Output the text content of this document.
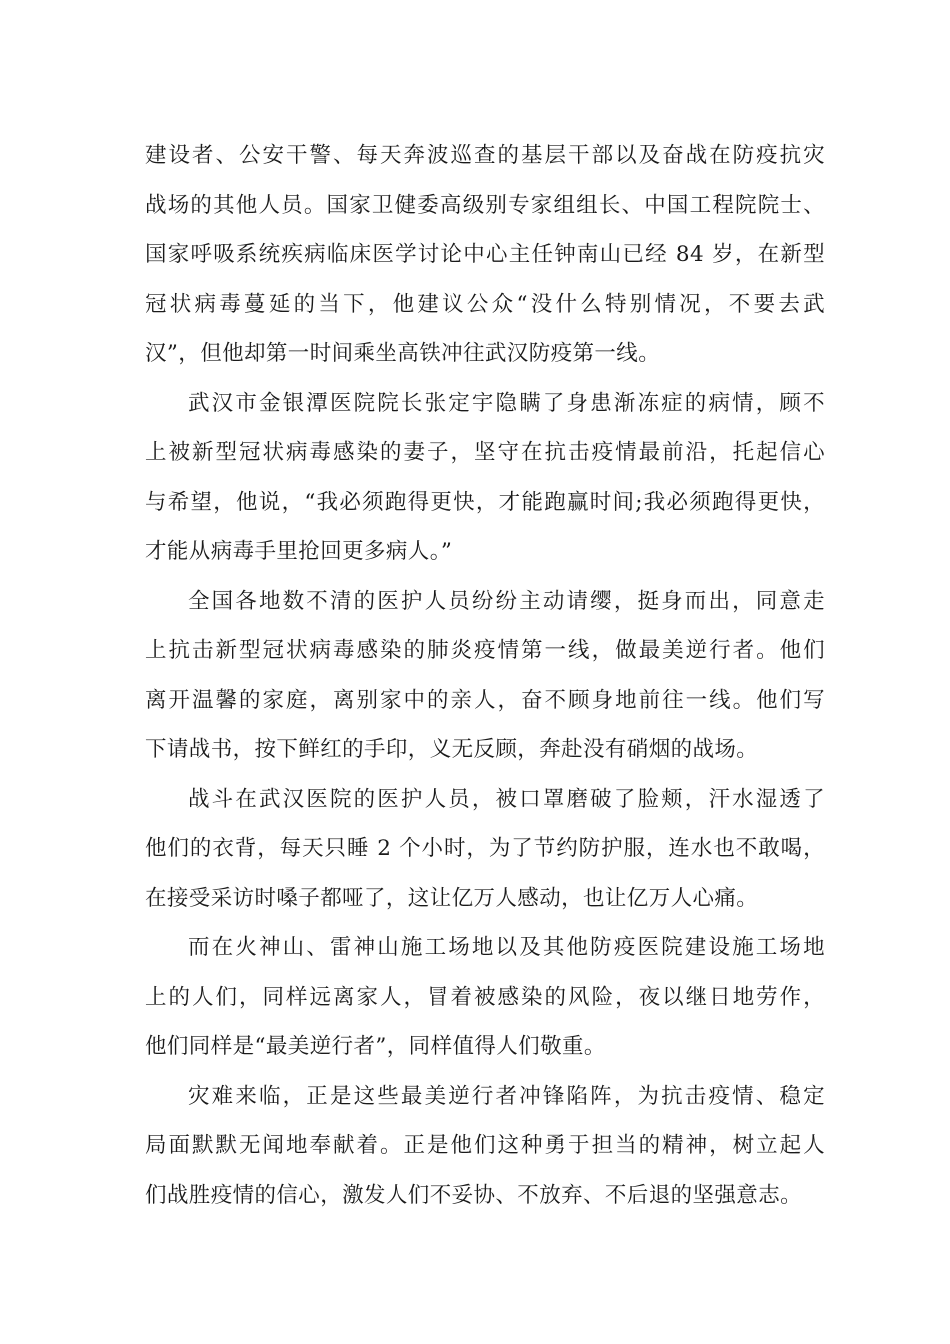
建设者、公安干警、每天奔波巡查的基层干部以及奋战在防疫抗灾
战场的其他人员。国家卫健委高级别专家组组长、中国工程院院士、
国家呼吸系统疾病临床医学讨论中心主任钟南山已经 84 岁，在新型
冠状病毒蔓延的当下，他建议公众“没什么特别情况，不要去武
汉”，但他却第一时间乘坐高铁冲往武汉防疫第一线。
武汉市金银潭医院院长张定宇隐瞒了身患渐冻症的病情，顾不
上被新型冠状病毒感染的妻子，坚守在抗击疫情最前沿，托起信心
与希望，他说，“我必须跑得更快，才能跑赢时间;我必须跑得更快，
才能从病毒手里抢回更多病人。”
全国各地数不清的医护人员纷纷主动请缨，挺身而出，同意走
上抗击新型冠状病毒感染的肺炎疫情第一线，做最美逆行者。他们
离开温馨的家庭，离别家中的亲人，奋不顾身地前往一线。他们写
下请战书，按下鲜红的手印，义无反顾，奔赴没有硝烟的战场。
战斗在武汉医院的医护人员，被口罩磨破了脸颊，汗水湿透了
他们的衣背，每天只睡 2 个小时，为了节约防护服，连水也不敢喝，
在接受采访时嗓子都哑了，这让亿万人感动，也让亿万人心痛。
而在火神山、雷神山施工场地以及其他防疫医院建设施工场地
上的人们，同样远离家人，冒着被感染的风险，夜以继日地劳作，
他们同样是“最美逆行者”，同样值得人们敬重。
灾难来临，正是这些最美逆行者冲锋陷阵，为抗击疫情、稳定
局面默默无闻地奉献着。正是他们这种勇于担当的精神，树立起人
们战胜疫情的信心，激发人们不妥协、不放弃、不后退的坚强意志。
